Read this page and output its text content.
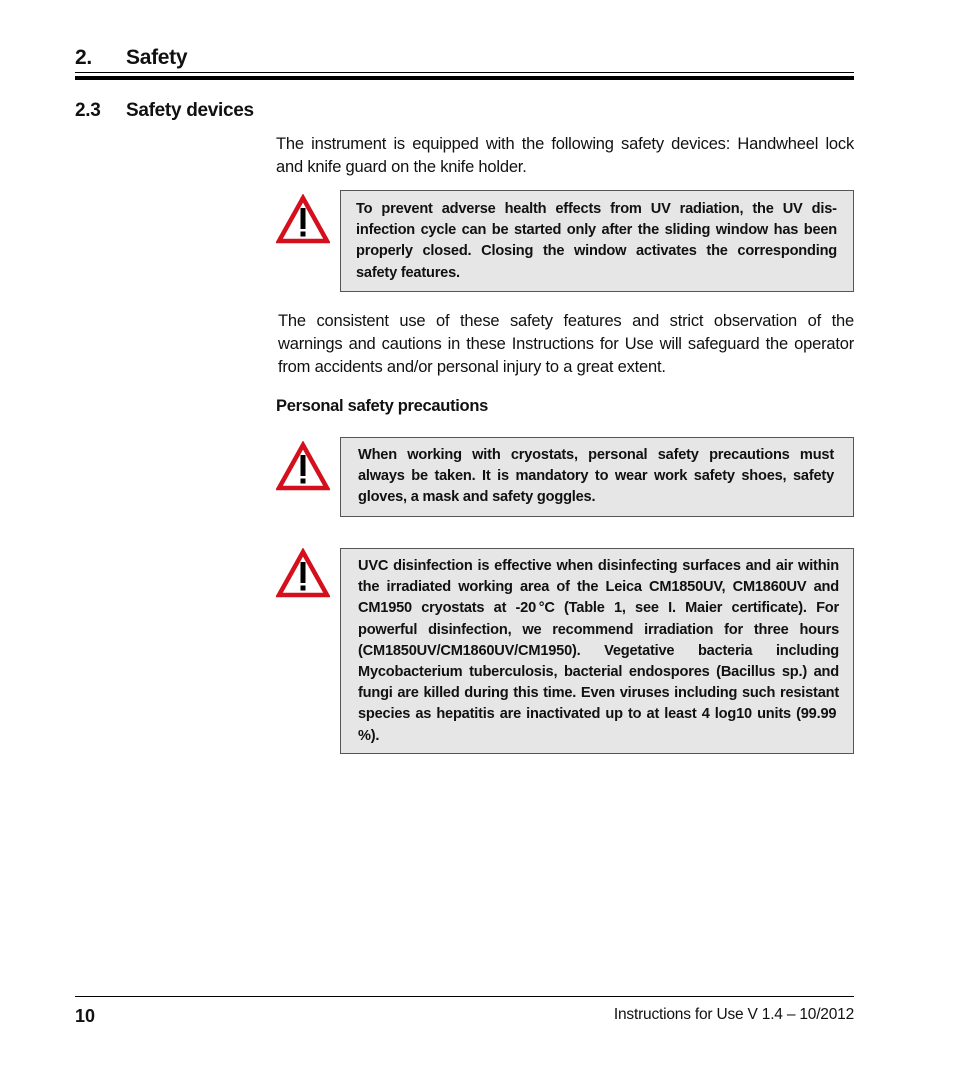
2. Safety
2.3 Safety devices
The instrument is equipped with the following safety devices: Handwheel lock and knife guard on the knife holder.
To prevent adverse health effects from UV radiation, the UV disinfection cycle can be started only after the sliding window has been properly closed. Closing the window activates the corresponding safety features.
The consistent use of these safety features and strict observation of the warnings and cautions in these Instructions for Use will safeguard the operator from accidents and/or personal injury to a great extent.
Personal safety precautions
When working with cryostats, personal safety precautions must always be taken. It is mandatory to wear work safety shoes, safety gloves, a mask and safety goggles.
UVC disinfection is effective when disinfecting surfaces and air within the irradiated working area of the Leica CM1850UV, CM1860UV and CM1950 cryostats at -20 °C (Table 1, see I. Maier certificate). For powerful disinfection, we recommend irradiation for three hours (CM1850UV/CM1860UV/​CM1950). Vegetative bacteria including Mycobacterium tuberculosis, bacterial endospores (Bacillus sp.) and fungi are killed during this time. Even viruses including such resistant species as hepatitis are inactivated up to at least 4 log10 units (99.99 %).
10	Instructions for Use V 1.4 – 10/2012
